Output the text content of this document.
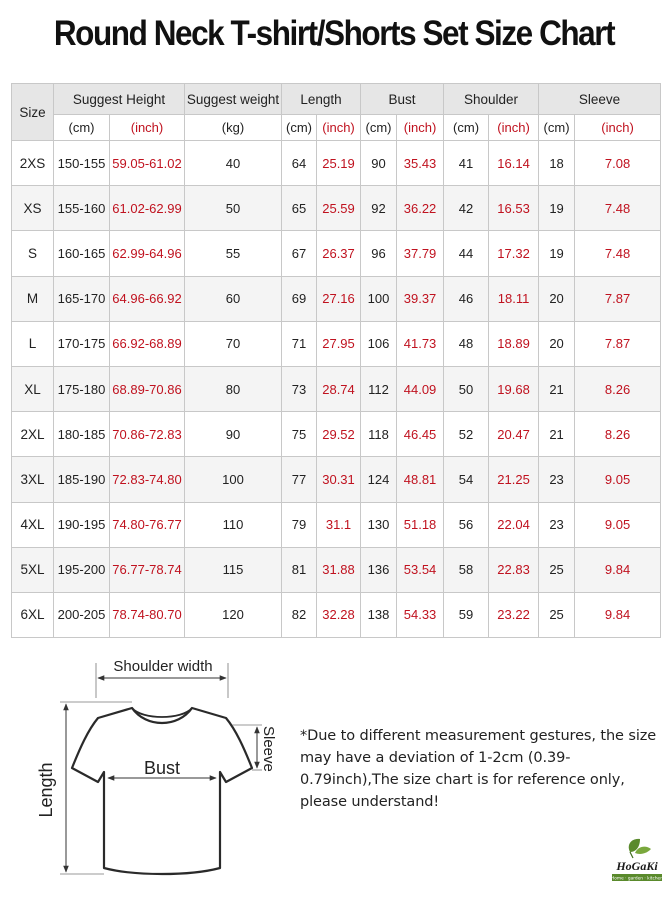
Round Neck T-shirt/Shorts Set Size Chart
Size	Suggest Height		Suggest weight	Length		Bust		Shoulder		Sleeve	
	(cm)	(inch)	(kg)	(cm)	(inch)	(cm)	(inch)	(cm)	(inch)	(cm)	(inch)
2XS	150-155	59.05-61.02	40	64	25.19	90	35.43	41	16.14	18	7.08
XS	155-160	61.02-62.99	50	65	25.59	92	36.22	42	16.53	19	7.48
S	160-165	62.99-64.96	55	67	26.37	96	37.79	44	17.32	19	7.48
M	165-170	64.96-66.92	60	69	27.16	100	39.37	46	18.11	20	7.87
L	170-175	66.92-68.89	70	71	27.95	106	41.73	48	18.89	20	7.87
XL	175-180	68.89-70.86	80	73	28.74	112	44.09	50	19.68	21	8.26
2XL	180-185	70.86-72.83	90	75	29.52	118	46.45	52	20.47	21	8.26
3XL	185-190	72.83-74.80	100	77	30.31	124	48.81	54	21.25	23	9.05
4XL	190-195	74.80-76.77	110	79	31.1	130	51.18	56	22.04	23	9.05
5XL	195-200	76.77-78.74	115	81	31.88	136	53.54	58	22.83	25	9.84
6XL	200-205	78.74-80.70	120	82	32.28	138	54.33	59	23.22	25	9.84
Shoulder width
Bust	Sleeve
Length
*Due to different measurement gestures, the size may have a deviation of 1-2cm (0.39-0.79inch),The size chart is for reference only, please understand!
HoGaKi
Home · garden · kitchen
